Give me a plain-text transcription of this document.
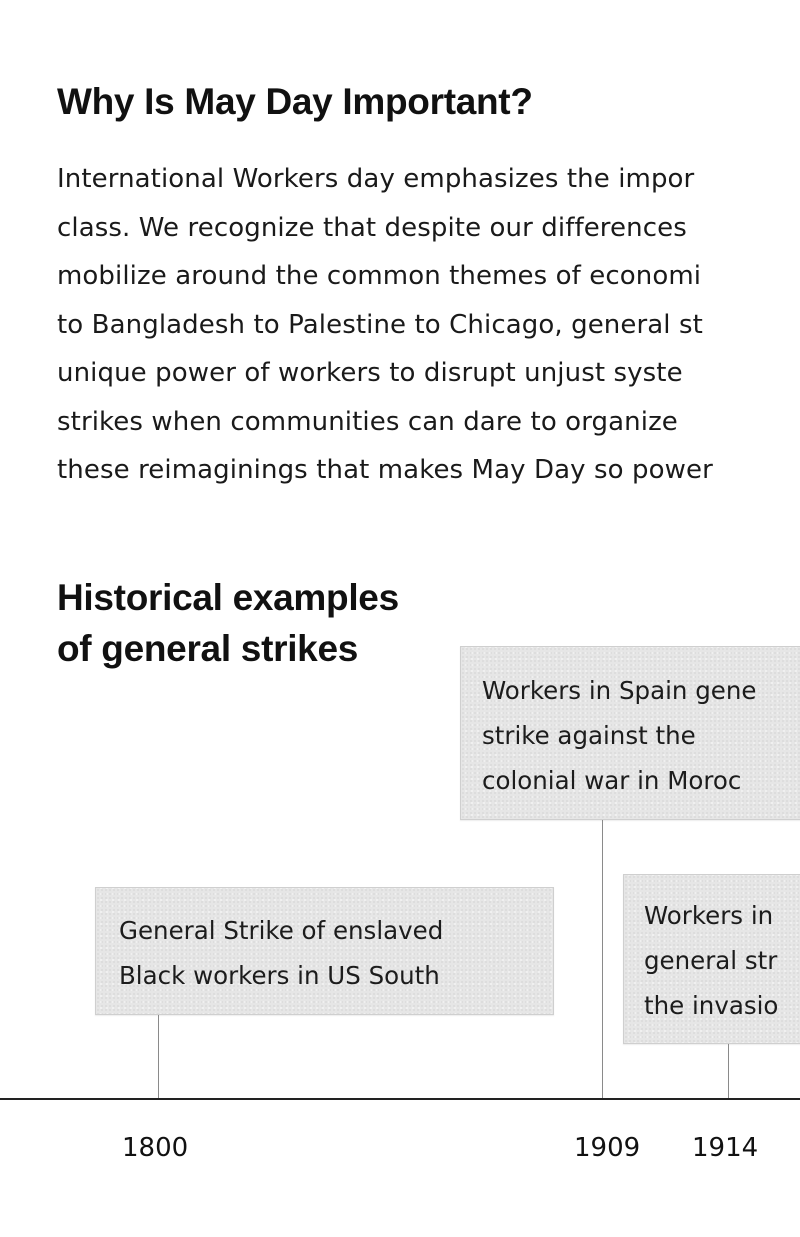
Why Is May Day Important?
International Workers day emphasizes the impor
class. We recognize that despite our differences
mobilize around the common themes of economi
to Bangladesh to Palestine to Chicago, general st
unique power of workers to disrupt unjust syste
strikes when communities can dare to organize
these reimaginings that makes May Day so power
Historical examples
of general strikes
Workers in Spain gene
strike against the
colonial war in Moroc
General Strike of enslaved
Black workers in US South
Workers in
general str
the invasio
1800	1909 1914
